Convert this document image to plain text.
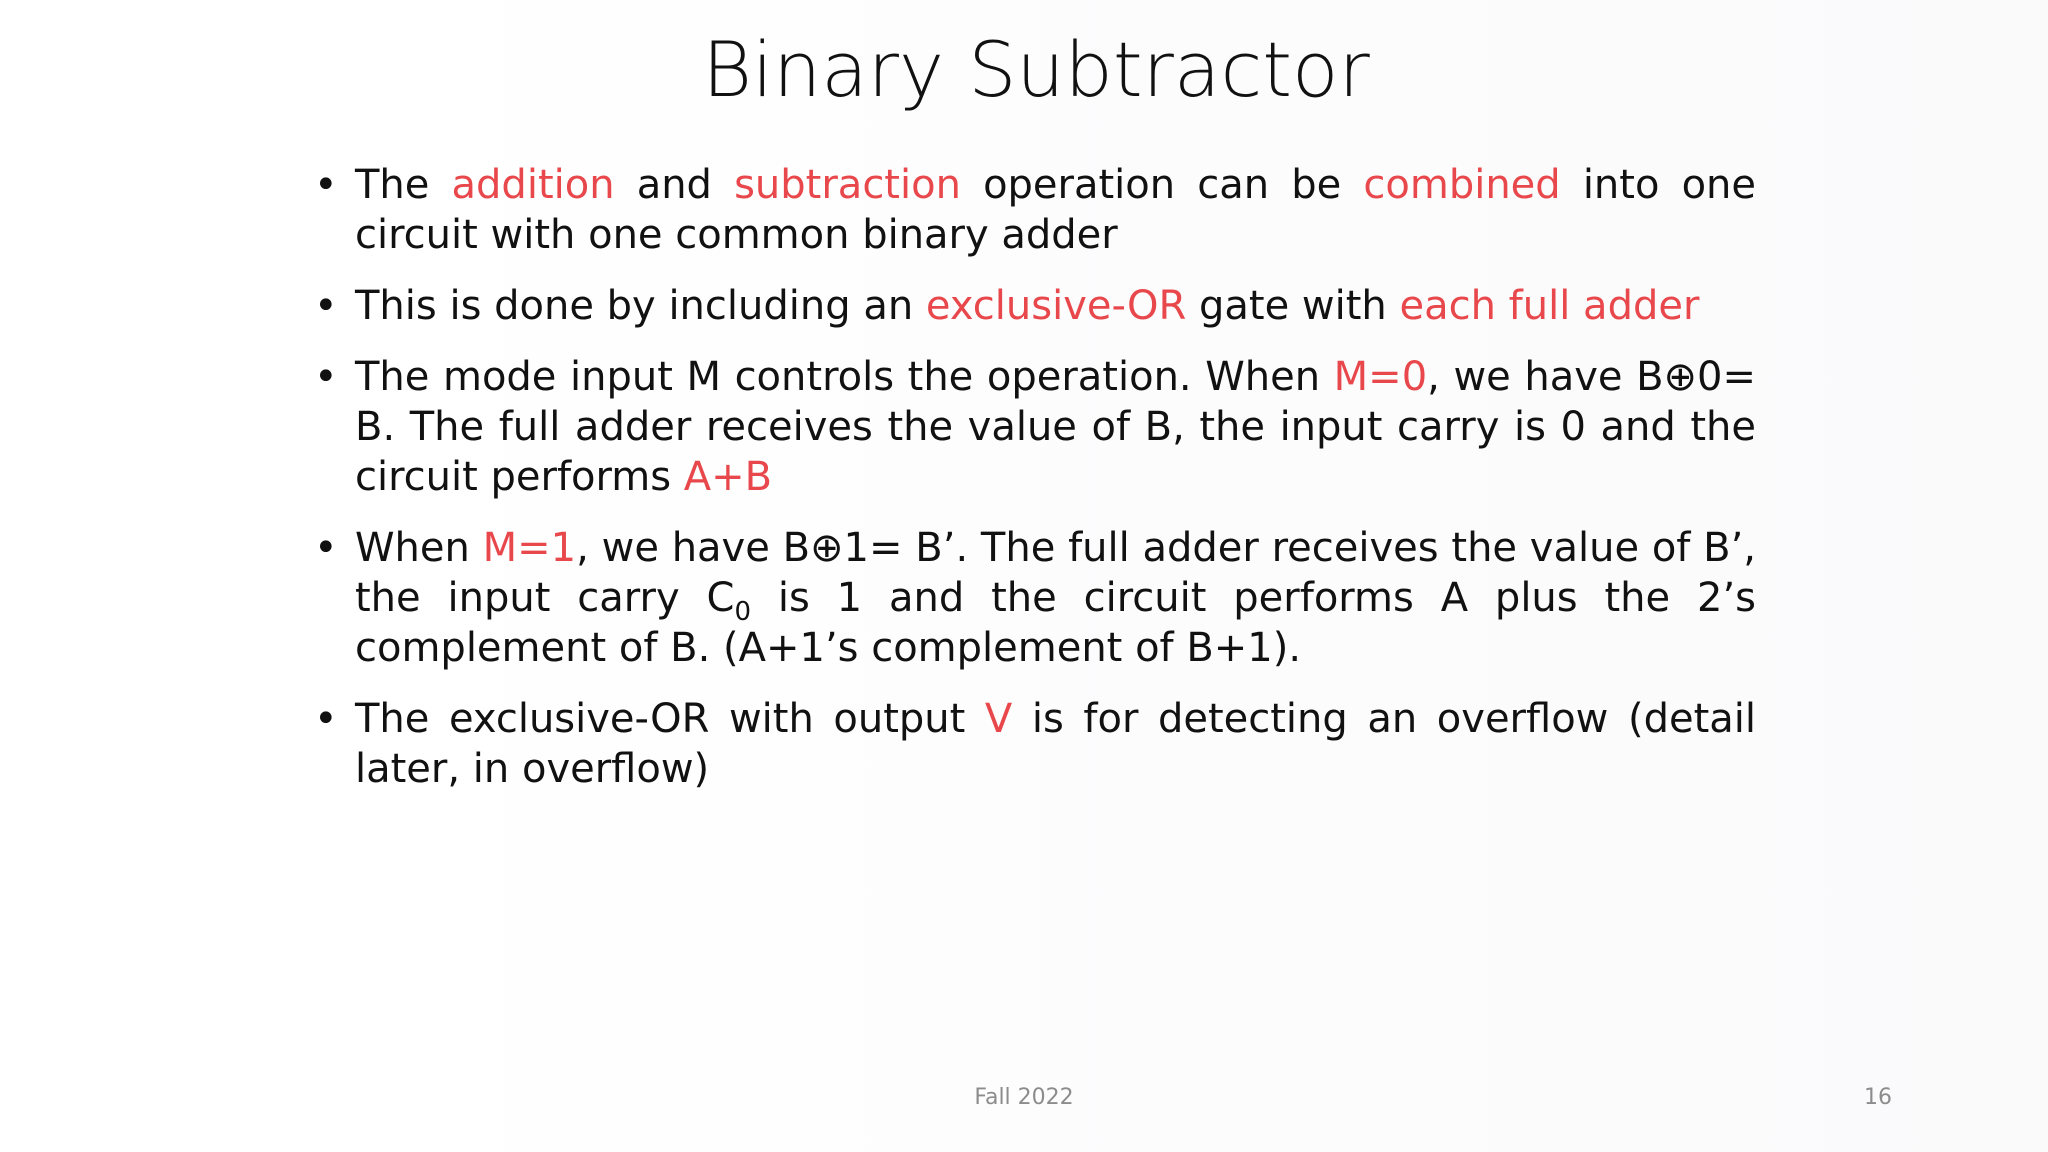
Binary Subtractor
• The addition and subtraction operation can be combined into one circuit with one common binary adder
• This is done by including an exclusive-OR gate with each full adder
• The mode input M controls the operation. When M=0, we have B⊕0= B. The full adder receives the value of B, the input carry is 0 and the circuit performs A+B
• When M=1, we have B⊕1= B’. The full adder receives the value of B’, the input carry $C_0$ is 1 and the circuit performs A plus the 2’s complement of B. (A+1’s complement of B+1).
• The exclusive-OR with output V is for detecting an overflow (detail later, in overflow)
Fall 2022	16
